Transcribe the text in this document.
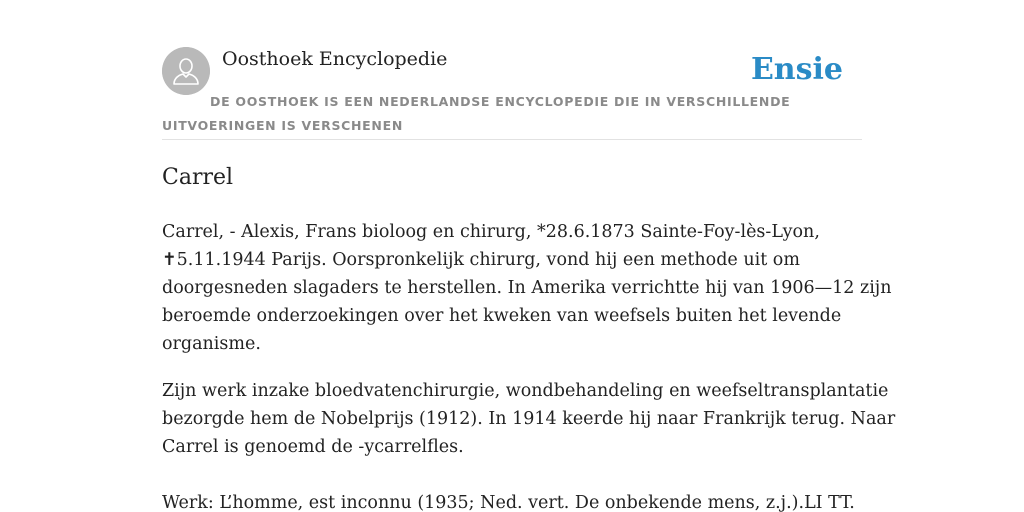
Oosthoek Encyclopedie	Ensie
DE OOSTHOEK IS EEN NEDERLANDSE ENCYCLOPEDIE DIE IN VERSCHILLENDE UITVOERINGEN IS VERSCHENEN
Carrel

Carrel, - Alexis, Frans bioloog en chirurg, *28.6.1873 Sainte-Foy-lès-Lyon,
✝5.11.1944 Parijs. Oorspronkelijk chirurg, vond hij een methode uit om
doorgesneden slagaders te herstellen. In Amerika verrichtte hij van 1906—12 zijn
beroemde onderzoekingen over het kweken van weefsels buiten het levende
organisme.

Zijn werk inzake bloedvatenchirurgie, wondbehandeling en weefseltransplantatie
bezorgde hem de Nobelprijs (1912). In 1914 keerde hij naar Frankrijk terug. Naar
Carrel is genoemd de -ycarrelfles.

Werk: L’homme, est inconnu (1935; Ned. vert. De onbekende mens, z.j.).LI TT.
